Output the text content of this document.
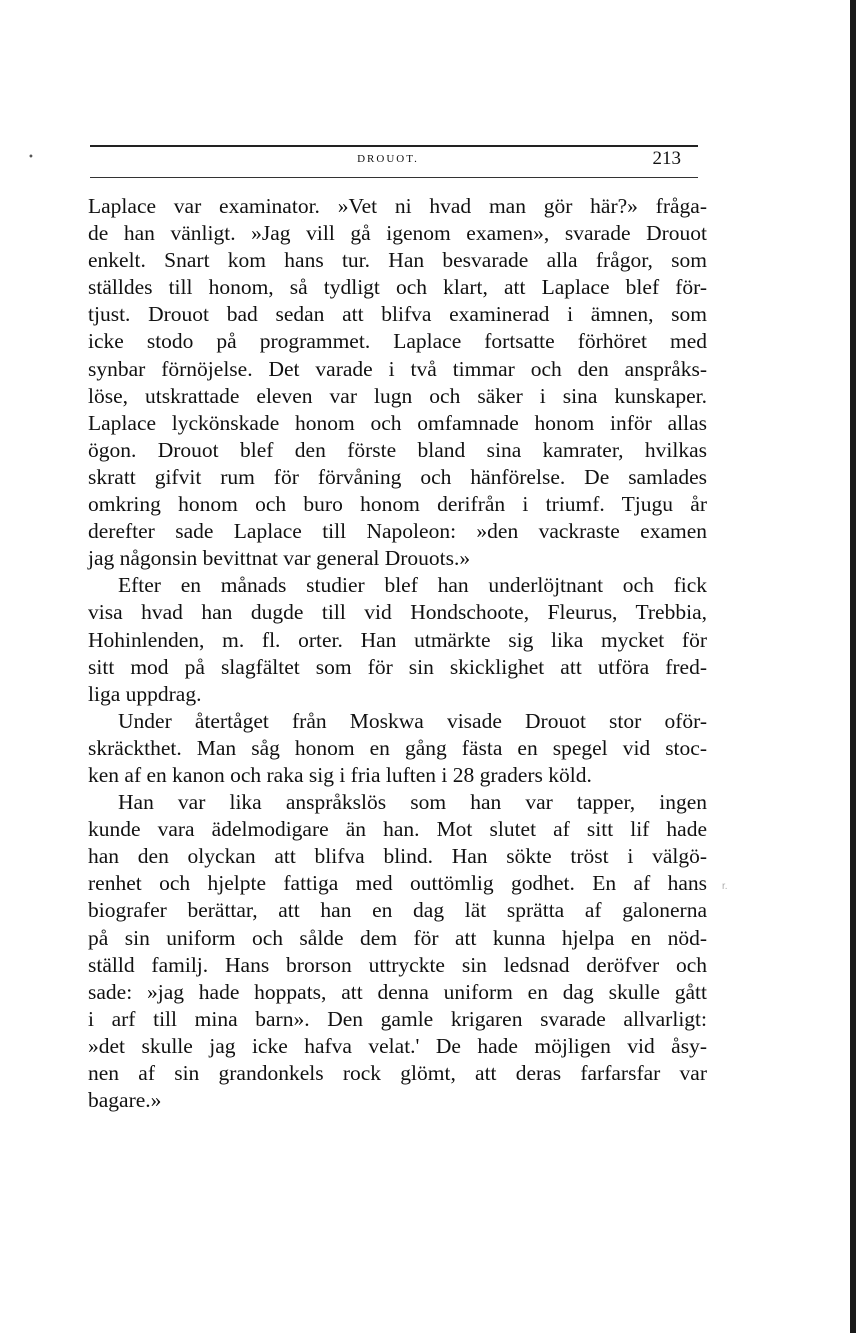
•
r.
DROUOT.	213
Laplace var examinator. »Vet ni hvad man gör här?» fråga-
de han vänligt. »Jag vill gå igenom examen», svarade Drouot
enkelt. Snart kom hans tur. Han besvarade alla frågor, som
ställdes till honom, så tydligt och klart, att Laplace blef för-
tjust. Drouot bad sedan att blifva examinerad i ämnen, som
icke stodo på programmet. Laplace fortsatte förhöret med
synbar förnöjelse. Det varade i två timmar och den anspråks-
löse, utskrattade eleven var lugn och säker i sina kunskaper.
Laplace lyckönskade honom och omfamnade honom inför allas
ögon. Drouot blef den förste bland sina kamrater, hvilkas
skratt gifvit rum för förvåning och hänförelse. De samlades
omkring honom och buro honom derifrån i triumf. Tjugu år
derefter sade Laplace till Napoleon: »den vackraste examen
jag någonsin bevittnat var general Drouots.»
Efter en månads studier blef han underlöjtnant och fick
visa hvad han dugde till vid Hondschoote, Fleurus, Trebbia,
Hohinlenden, m. fl. orter. Han utmärkte sig lika mycket för
sitt mod på slagfältet som för sin skicklighet att utföra fred-
liga uppdrag.
Under återtåget från Moskwa visade Drouot stor oför-
skräckthet. Man såg honom en gång fästa en spegel vid stoc-
ken af en kanon och raka sig i fria luften i 28 graders köld.
Han var lika anspråkslös som han var tapper, ingen
kunde vara ädelmodigare än han. Mot slutet af sitt lif hade
han den olyckan att blifva blind. Han sökte tröst i välgö-
renhet och hjelpte fattiga med outtömlig godhet. En af hans
biografer berättar, att han en dag lät sprätta af galonerna
på sin uniform och sålde dem för att kunna hjelpa en nöd-
ställd familj. Hans brorson uttryckte sin ledsnad deröfver och
sade: »jag hade hoppats, att denna uniform en dag skulle gått
i arf till mina barn». Den gamle krigaren svarade allvarligt:
»det skulle jag icke hafva velat.' De hade möjligen vid åsy-
nen af sin grandonkels rock glömt, att deras farfarsfar var
bagare.»
